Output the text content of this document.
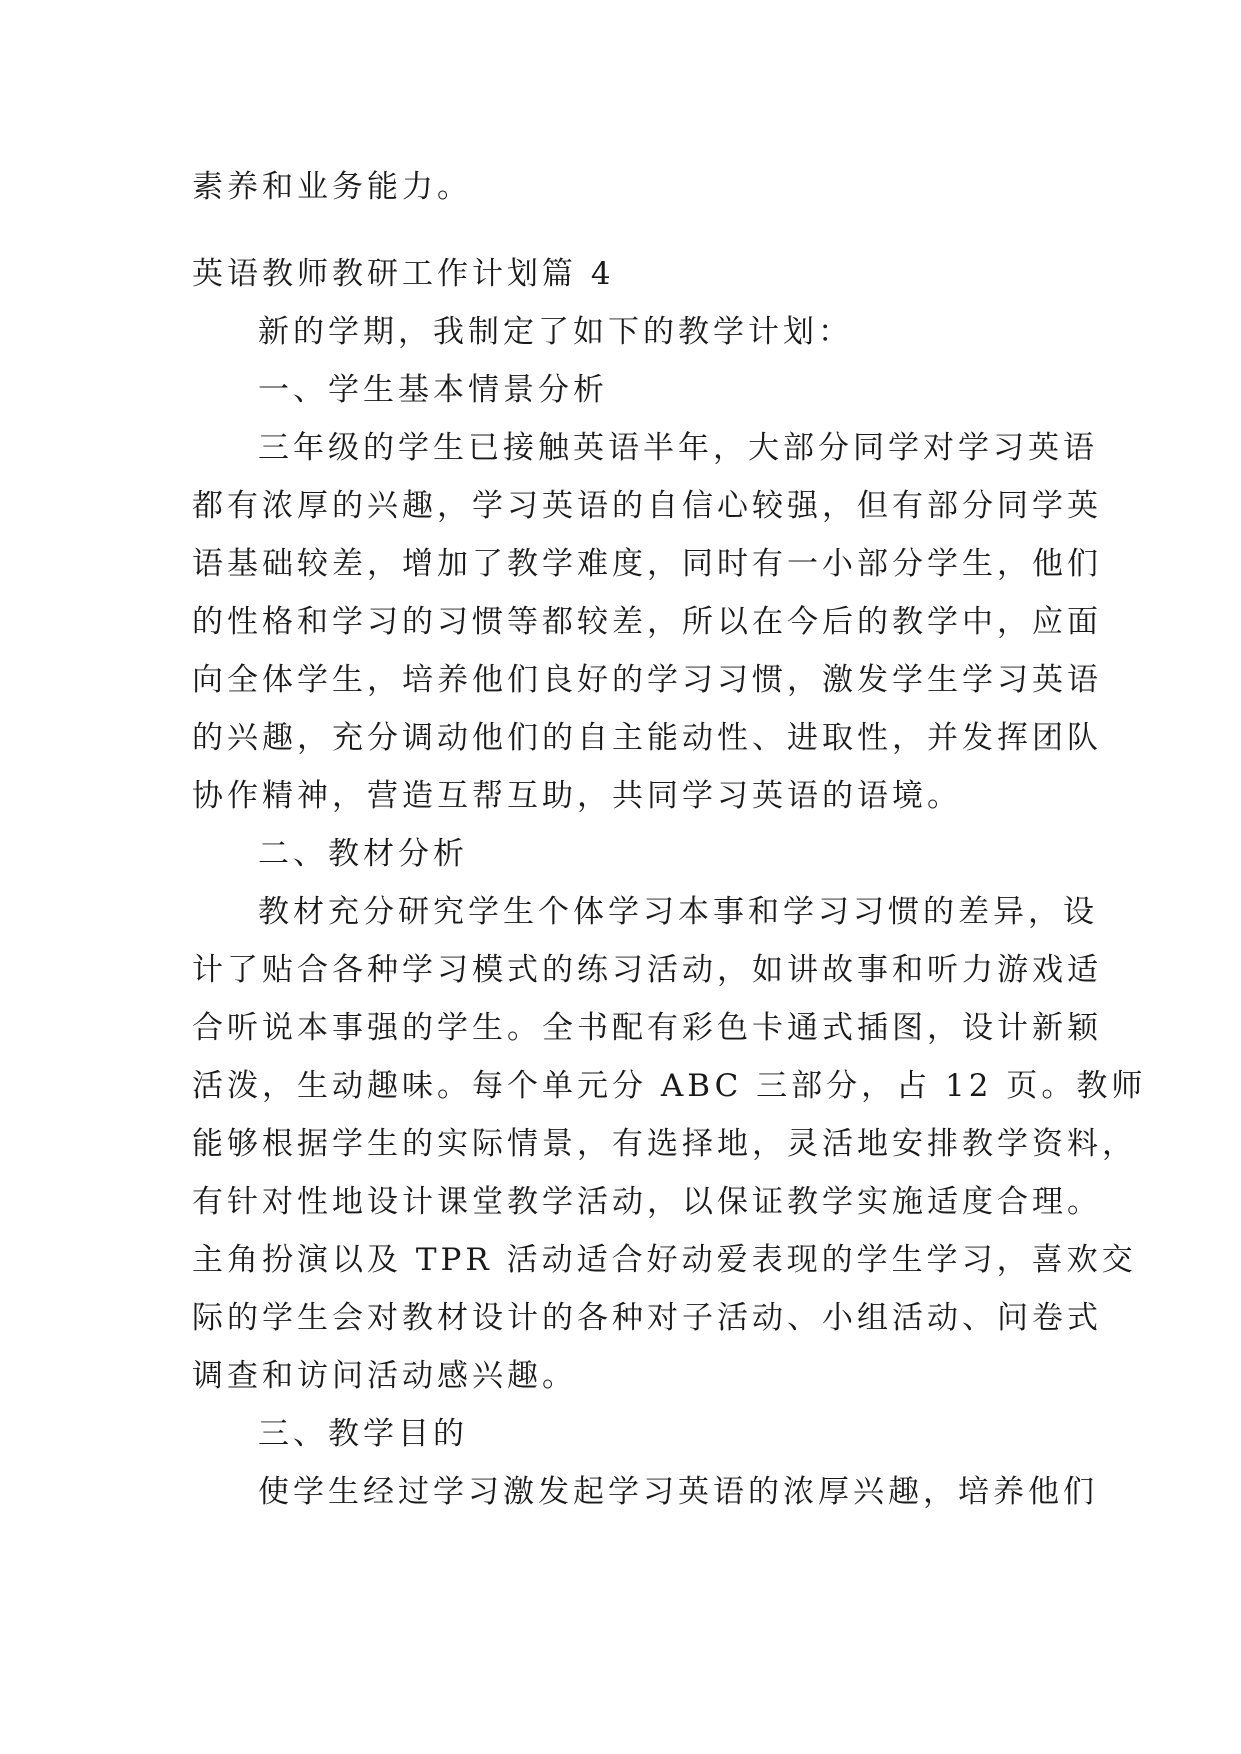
素养和业务能力。
英语教师教研工作计划篇 4
新的学期，我制定了如下的教学计划：
一、学生基本情景分析
三年级的学生已接触英语半年，大部分同学对学习英语
都有浓厚的兴趣，学习英语的自信心较强，但有部分同学英
语基础较差，增加了教学难度，同时有一小部分学生，他们
的性格和学习的习惯等都较差，所以在今后的教学中，应面
向全体学生，培养他们良好的学习习惯，激发学生学习英语
的兴趣，充分调动他们的自主能动性、进取性，并发挥团队
协作精神，营造互帮互助，共同学习英语的语境。
二、教材分析
教材充分研究学生个体学习本事和学习习惯的差异，设
计了贴合各种学习模式的练习活动，如讲故事和听力游戏适
合听说本事强的学生。全书配有彩色卡通式插图，设计新颖
活泼，生动趣味。每个单元分 ABC 三部分，占 12 页。教师
能够根据学生的实际情景，有选择地，灵活地安排教学资料，
有针对性地设计课堂教学活动，以保证教学实施适度合理。
主角扮演以及 TPR 活动适合好动爱表现的学生学习，喜欢交
际的学生会对教材设计的各种对子活动、小组活动、问卷式
调查和访问活动感兴趣。
三、教学目的
使学生经过学习激发起学习英语的浓厚兴趣，培养他们
